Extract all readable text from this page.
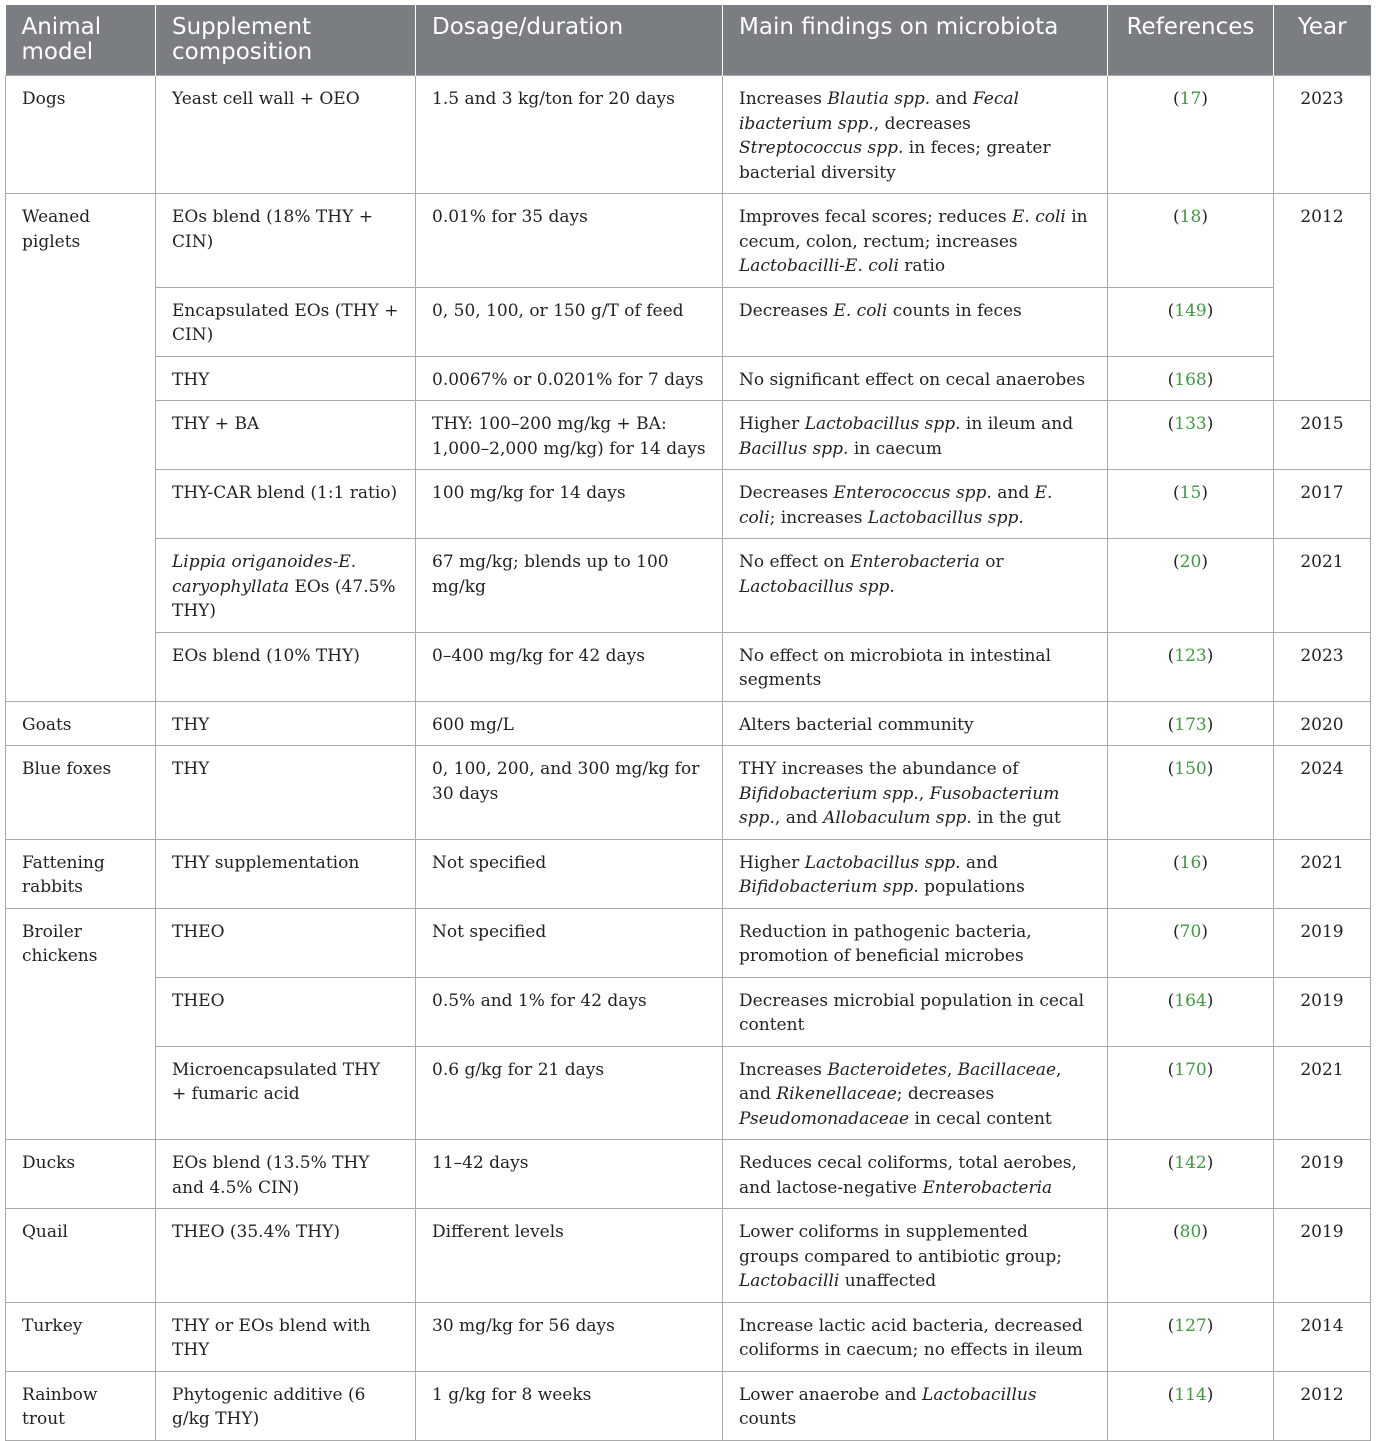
Animal model	Supplement composition	Dosage/duration	Main findings on microbiota	References	Year
Dogs	Yeast cell wall + OEO	1.5 and 3 kg/ton for 20 days	Increases Blautia spp. and Fecal ibacterium spp., decreases Streptococcus spp. in feces; greater bacterial diversity	(17)	2023
Weaned piglets	EOs blend (18% THY + CIN)	0.01% for 35 days	Improves fecal scores; reduces E. coli in cecum, colon, rectum; increases Lactobacilli-E. coli ratio	(18)	2012
	Encapsulated EOs (THY + CIN)	0, 50, 100, or 150 g/T of feed	Decreases E. coli counts in feces	(149)	
	THY	0.0067% or 0.0201% for 7 days	No significant effect on cecal anaerobes	(168)	
	THY + BA	THY: 100–200 mg/kg + BA: 1,000–2,000 mg/kg) for 14 days	Higher Lactobacillus spp. in ileum and Bacillus spp. in caecum	(133)	2015
	THY-CAR blend (1:1 ratio)	100 mg/kg for 14 days	Decreases Enterococcus spp. and E. coli; increases Lactobacillus spp.	(15)	2017
	Lippia origanoides-E. caryophyllata EOs (47.5% THY)	67 mg/kg; blends up to 100 mg/kg	No effect on Enterobacteria or Lactobacillus spp.	(20)	2021
	EOs blend (10% THY)	0–400 mg/kg for 42 days	No effect on microbiota in intestinal segments	(123)	2023
Goats	THY	600 mg/L	Alters bacterial community	(173)	2020
Blue foxes	THY	0, 100, 200, and 300 mg/kg for 30 days	THY increases the abundance of Bifidobacterium spp., Fusobacterium spp., and Allobaculum spp. in the gut	(150)	2024
Fattening rabbits	THY supplementation	Not specified	Higher Lactobacillus spp. and Bifidobacterium spp. populations	(16)	2021
Broiler chickens	THEO	Not specified	Reduction in pathogenic bacteria, promotion of beneficial microbes	(70)	2019
	THEO	0.5% and 1% for 42 days	Decreases microbial population in cecal content	(164)	2019
	Microencapsulated THY + fumaric acid	0.6 g/kg for 21 days	Increases Bacteroidetes, Bacillaceae, and Rikenellaceae; decreases Pseudomonadaceae in cecal content	(170)	2021
Ducks	EOs blend (13.5% THY and 4.5% CIN)	11–42 days	Reduces cecal coliforms, total aerobes, and lactose-negative Enterobacteria	(142)	2019
Quail	THEO (35.4% THY)	Different levels	Lower coliforms in supplemented groups compared to antibiotic group; Lactobacilli unaffected	(80)	2019
Turkey	THY or EOs blend with THY	30 mg/kg for 56 days	Increase lactic acid bacteria, decreased coliforms in caecum; no effects in ileum	(127)	2014
Rainbow trout	Phytogenic additive (6 g/kg THY)	1 g/kg for 8 weeks	Lower anaerobe and Lactobacillus counts	(114)	2012
